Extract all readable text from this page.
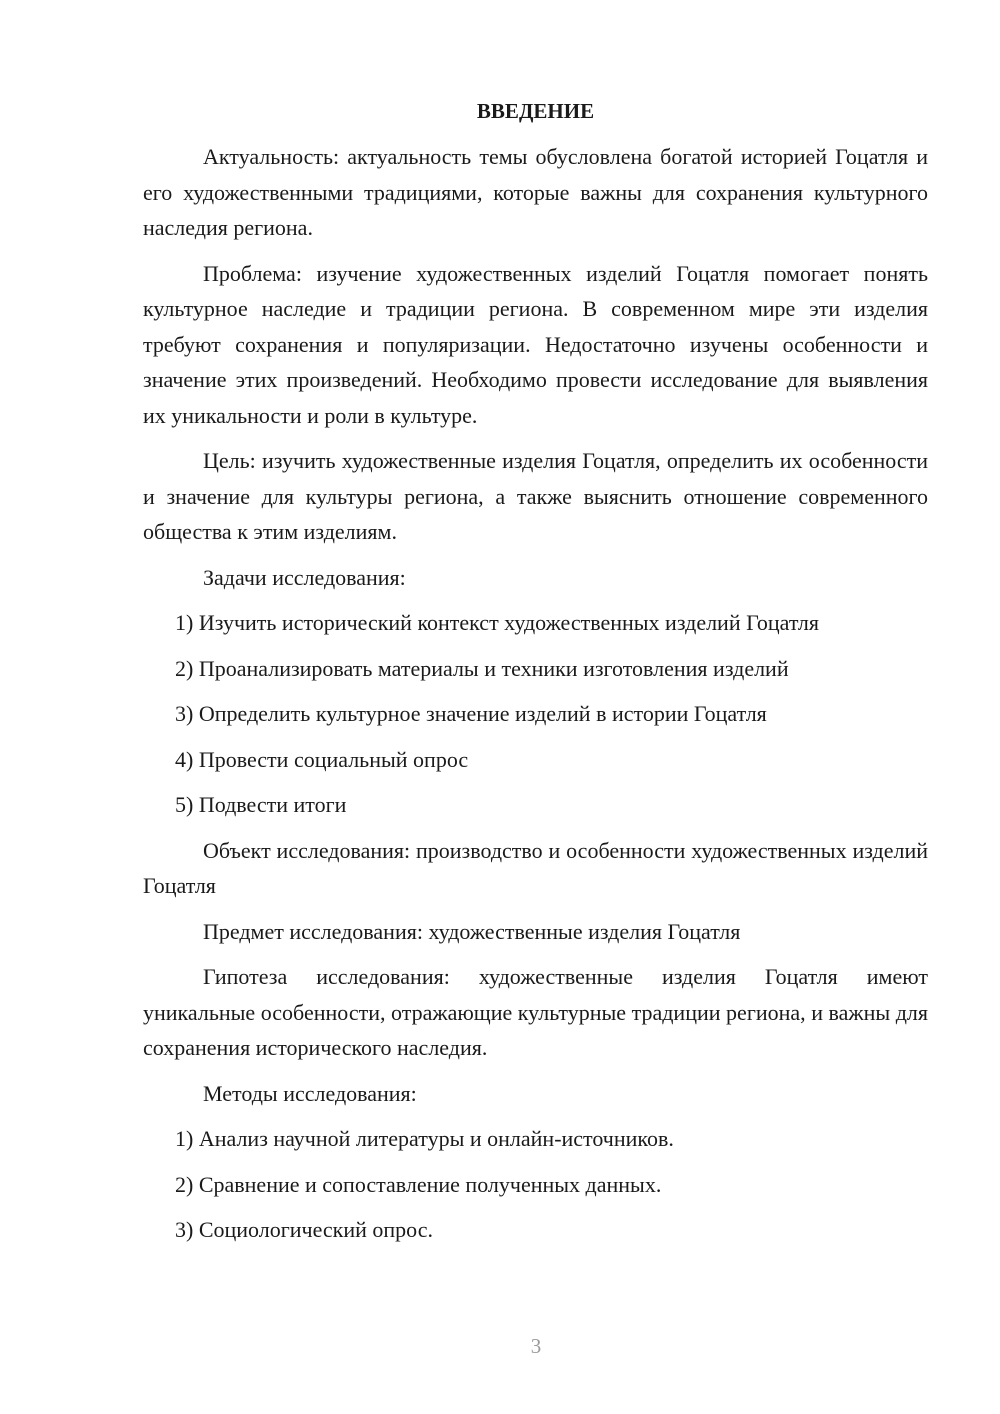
ВВЕДЕНИЕ

Актуальность: актуальность темы обусловлена богатой историей Гоцатля и его художественными традициями, которые важны для сохранения культурного наследия региона.

Проблема: изучение художественных изделий Гоцатля помогает понять культурное наследие и традиции региона. В современном мире эти изделия требуют сохранения и популяризации. Недостаточно изучены особенности и значение этих произведений. Необходимо провести исследование для выявления их уникальности и роли в культуре.

Цель: изучить художественные изделия Гоцатля, определить их особенности и значение для культуры региона, а также выяснить отношение современного общества к этим изделиям.

Задачи исследования:

1) Изучить исторический контекст художественных изделий Гоцатля

2) Проанализировать материалы и техники изготовления изделий

3) Определить культурное значение изделий в истории Гоцатля

4) Провести социальный опрос

5) Подвести итоги

Объект исследования: производство и особенности художественных изделий Гоцатля

Предмет исследования: художественные изделия Гоцатля

Гипотеза исследования: художественные изделия Гоцатля имеют уникальные особенности, отражающие культурные традиции региона, и важны для сохранения исторического наследия.

Методы исследования:

1) Анализ научной литературы и онлайн-источников.

2) Сравнение и сопоставление полученных данных.

3) Социологический опрос.

3
